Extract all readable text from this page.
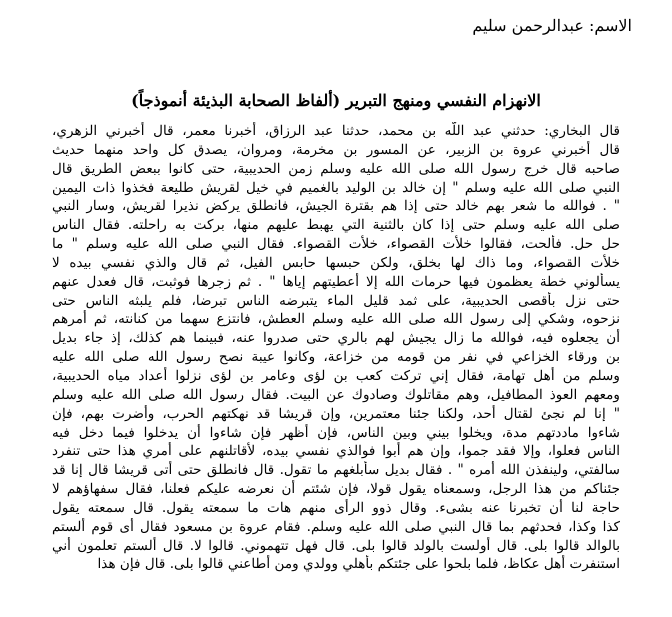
الاسم: عبدالرحمن سليم
الانهزام النفسي ومنهج التبرير (ألفاظ الصحابة البذيئة أنموذجاً)
قال البخاري: حدثني عبد اللَّه بن محمد، حدثنا عبد الرزاق، أخبرنا معمر، قال أخبرني الزهري،
قال أخبرني عروة بن الزبير، عن المسور بن مخرمة، ومروان، يصدق كل واحد منهما حديث
صاحبه قال خرج رسول الله صلى الله عليه وسلم زمن الحديبية، حتى كانوا ببعض الطريق قال
النبي صلى الله عليه وسلم " إن خالد بن الوليد بالغميم في خيل لقريش طليعة فخذوا ذات اليمين
" . فوالله ما شعر بهم خالد حتى إذا هم بقترة الجيش، فانطلق يركض نذيرا لقريش، وسار النبي
صلى الله عليه وسلم حتى إذا كان بالثنية التي يهبط عليهم منها، بركت به راحلته. فقال الناس
حل حل. فألحت، فقالوا خلأت القصواء، خلأت القصواء. فقال النبي صلى الله عليه وسلم " ما
خلأت القصواء، وما ذاك لها بخلق، ولكن حبسها حابس الفيل، ثم قال والذي نفسي بيده لا
يسألوني خطة يعظمون فيها حرمات الله إلا أعطيتهم إياها " . ثم زجرها فوثبت، قال فعدل عنهم
حتى نزل بأقصى الحديبية، على ثمد قليل الماء يتبرضه الناس تبرضا، فلم يلبثه الناس حتى
نزحوه، وشكي إلى رسول الله صلى الله عليه وسلم العطش، فانتزع سهما من كنانته، ثم أمرهم
أن يجعلوه فيه، فوالله ما زال يجيش لهم بالري حتى صدروا عنه، فبينما هم كذلك، إذ جاء بديل
بن ورقاء الخزاعي في نفر من قومه من خزاعة، وكانوا عيبة نصح رسول الله صلى الله عليه
وسلم من أهل تهامة، فقال إني تركت كعب بن لؤى وعامر بن لؤى نزلوا أعداد مياه الحديبية،
ومعهم العوذ المطافيل، وهم مقاتلوك وصادوك عن البيت. فقال رسول الله صلى الله عليه وسلم
" إنا لم نجئ لقتال أحد، ولكنا جئنا معتمرين، وإن قريشا قد نهكتهم الحرب، وأضرت بهم، فإن
شاءوا ماددتهم مدة، ويخلوا بيني وبين الناس، فإن أظهر فإن شاءوا أن يدخلوا فيما دخل فيه
الناس فعلوا، وإلا فقد جموا، وإن هم أبوا فوالذي نفسي بيده، لأقاتلنهم على أمري هذا حتى تنفرد
سالفتي، ولينفذن الله أمره " . فقال بديل سأبلغهم ما تقول. قال فانطلق حتى أتى قريشا قال إنا قد
جئناكم من هذا الرجل، وسمعناه يقول قولا، فإن شئتم أن نعرضه عليكم فعلنا، فقال سفهاؤهم لا
حاجة لنا أن تخبرنا عنه بشىء. وقال ذوو الرأى منهم هات ما سمعته يقول. قال سمعته يقول
كذا وكذا، فحدثهم بما قال النبي صلى الله عليه وسلم. فقام عروة بن مسعود فقال أى قوم ألستم
بالوالد قالوا بلى. قال أولست بالولد قالوا بلى. قال فهل تتهموني. قالوا لا. قال ألستم تعلمون أني
استنفرت أهل عكاظ، فلما بلحوا على جئتكم بأهلي وولدي ومن أطاعني قالوا بلى. قال فإن هذا
